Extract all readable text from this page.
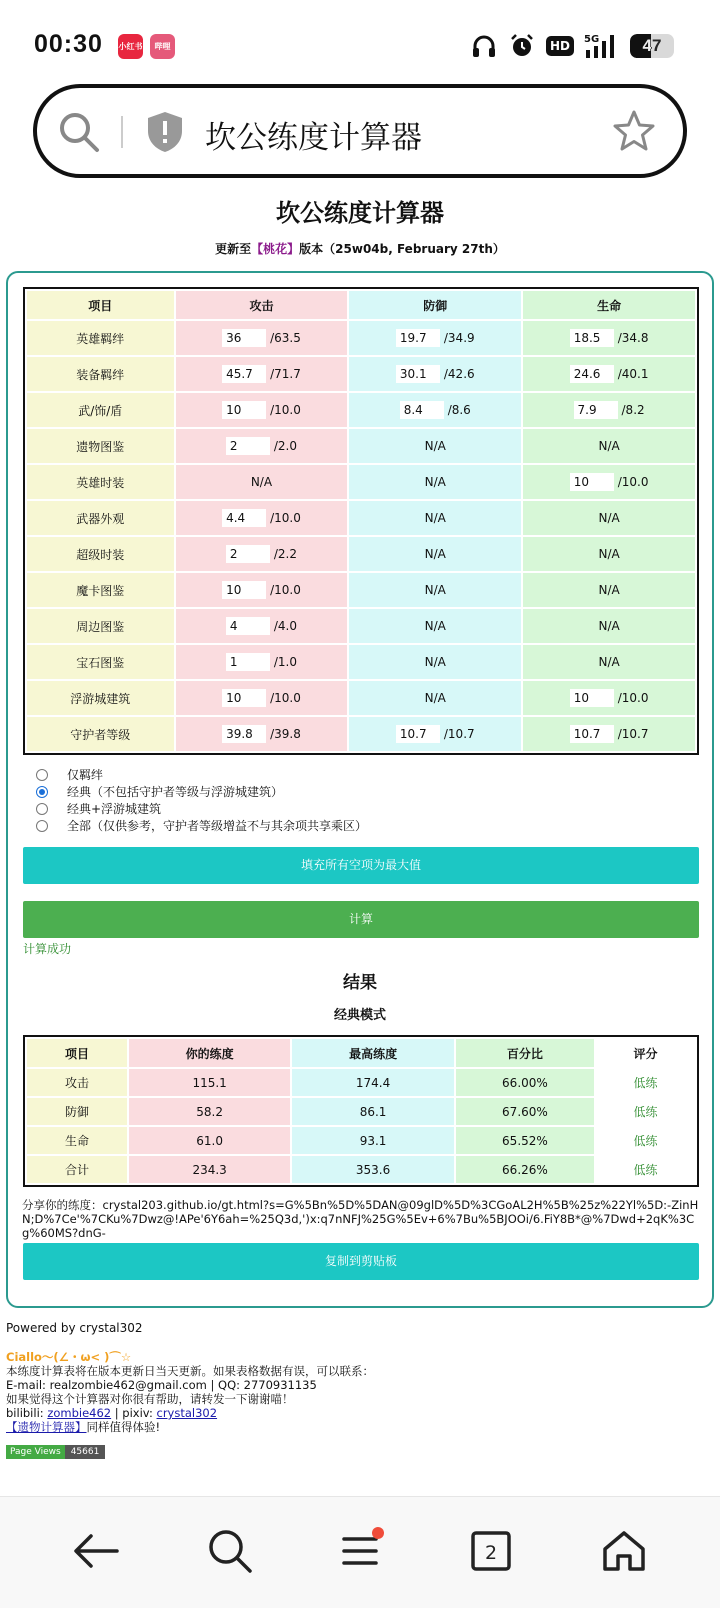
00:30 小红书	哔哩	HD	5G	47
坎公练度计算器
坎公练度计算器
更新至【桃花】版本（25w04b, February 27th）
项目	攻击	防御	生命
英雄羁绊	36 /63.5	19.7 /34.9	18.5 /34.8

装备羁绊	45.7 /71.7	30.1 /42.6	24.6 /40.1

武/饰/盾	10 /10.0	8.4 /8.6	7.9 /8.2

遗物图鉴	2 /2.0	N/A	N/A
英雄时装	N/A	N/A	10 /10.0

武器外观	4.4 /10.0	N/A	N/A
超级时装	2 /2.2	N/A	N/A
魔卡图鉴	10 /10.0	N/A	N/A
周边图鉴	4 /4.0	N/A	N/A
宝石图鉴	1 /1.0	N/A	N/A
浮游城建筑	10 /10.0	N/A	10 /10.0

守护者等级	39.8 /39.8	10.7 /10.7	10.7 /10.7
仅羁绊
经典（不包括守护者等级与浮游城建筑）
经典+浮游城建筑
全部（仅供参考，守护者等级增益不与其余项共享乘区）
填充所有空项为最大值
计算
计算成功
结果
经典模式
项目	你的练度	最高练度	百分比	评分
攻击	115.1	174.4	66.00%	低练
防御	58.2	86.1	67.60%	低练
生命	61.0	93.1	65.52%	低练
合计	234.3	353.6	66.26%	低练
分享你的练度：crystal203.github.io/gt.html?s=G%5Bn%5D%5DAN@09glD%5D%3CGoAL2H%5B%25z%22Yl%5D:-ZinHN;D%7Ce'%7CKu%7Dwz@!APe'6Y6ah=%25Q3d,')x:q7nNFJ%25G%5Ev+6%7Bu%5BJOOi/6.FiY8B*@%7Dwd+2qK%3Cg%60MS?dnG-
复制到剪贴板
Powered by crystal302
Ciallo～(∠・ω< )⌒☆
本练度计算表将在版本更新日当天更新。如果表格数据有误，可以联系：
E-mail: realzombie462@gmail.com | QQ: 2770931135
如果觉得这个计算器对你很有帮助，请转发一下谢谢喵！
bilibili: zombie462 | pixiv: crystal302
【遗物计算器】同样值得体验!
Page Views	45661
2
